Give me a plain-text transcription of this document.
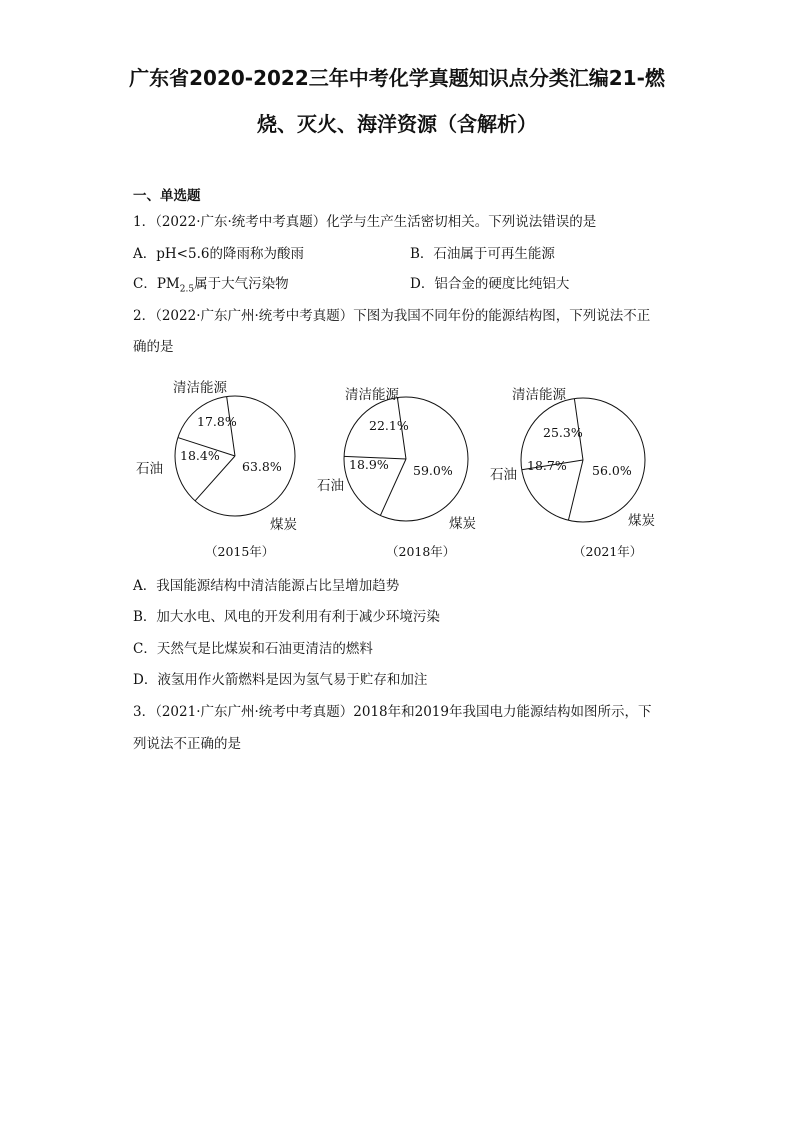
广东省2020-2022三年中考化学真题知识点分类汇编21-燃
烧、灭火、海洋资源（含解析）
一、单选题
1．（2022·广东·统考中考真题）化学与生产生活密切相关。下列说法错误的是
A．pH<5.6的降雨称为酸雨	B．石油属于可再生能源
C．$PM_{2.5}$属于大气污染物	D．铝合金的硬度比纯铝大
2．（2022·广东广州·统考中考真题）下图为我国不同年份的能源结构图，下列说法不正
确的是
清洁能源
17.8%
石油
18.4%
煤炭
63.8%
（2015年）
清洁能源
22.1%
石油
18.9%
煤炭
59.0%
（2018年）
清洁能源
25.3%
石油
18.7%
煤炭
56.0%
（2021年）
A．我国能源结构中清洁能源占比呈增加趋势
B．加大水电、风电的开发利用有利于减少环境污染
C．天然气是比煤炭和石油更清洁的燃料
D．液氢用作火箭燃料是因为氢气易于贮存和加注
3．（2021·广东广州·统考中考真题）2018年和2019年我国电力能源结构如图所示，下
列说法不正确的是
